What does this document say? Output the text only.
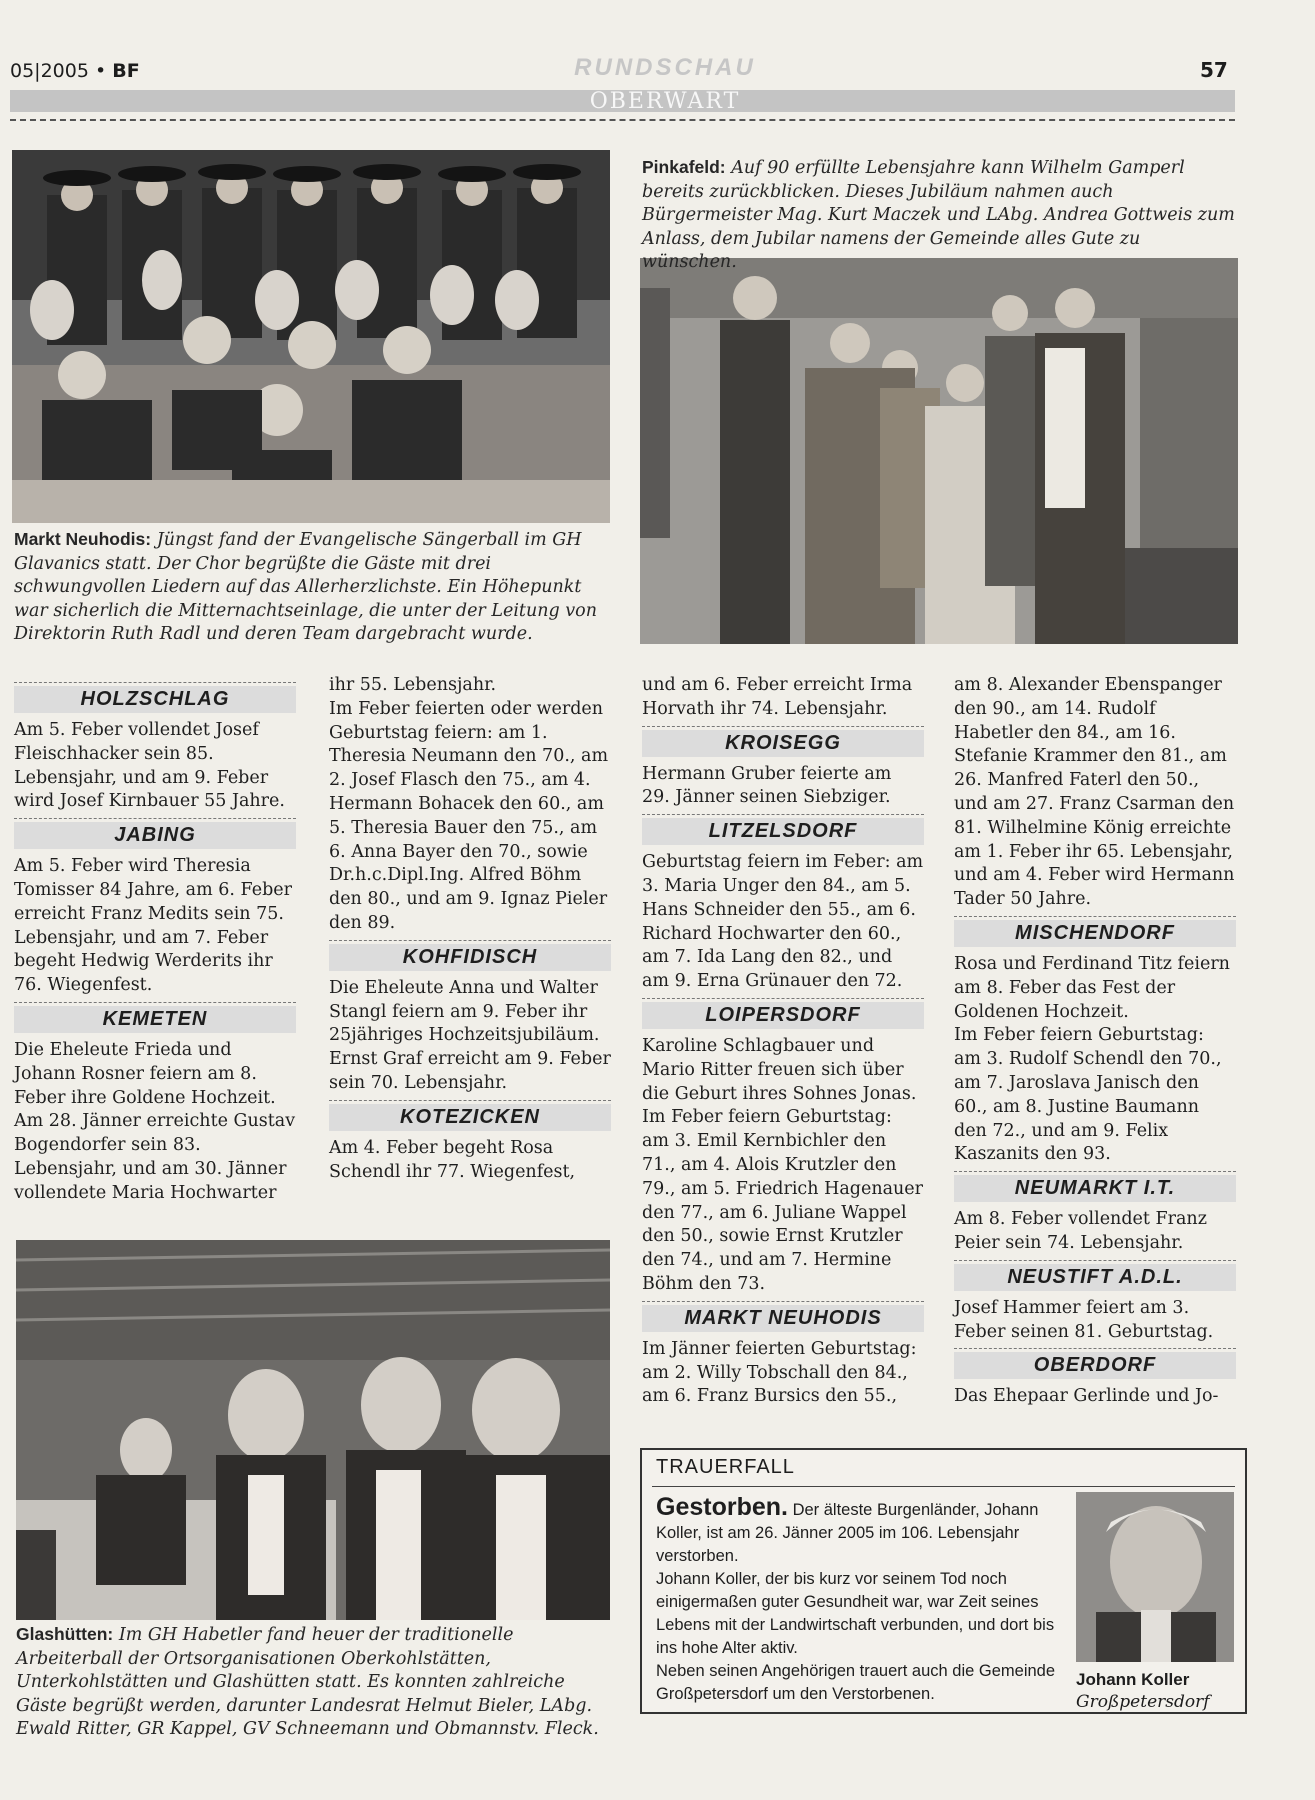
05|2005 • BF	RUNDSCHAU	57
OBERWART
Pinkafeld: Auf 90 erfüllte Lebensjahre kann Wilhelm Gamperl bereits zurückblicken. Dieses Jubiläum nahmen auch Bürgermeister Mag. Kurt Maczek und LAbg. Andrea Gottweis zum Anlass, dem Jubilar namens der Gemeinde alles Gute zu wünschen.
Markt Neuhodis: Jüngst fand der Evangelische Sängerball im GH Glavanics statt. Der Chor begrüßte die Gäste mit drei schwungvollen Liedern auf das Allerherzlichste. Ein Höhepunkt war sicherlich die Mitternachtseinlage, die unter der Leitung von Direktorin Ruth Radl und deren Team dargebracht wurde.
HOLZSCHLAG

Am 5. Feber vollendet Josef Fleischhacker sein 85. Lebensjahr, und am 9. Feber wird Josef Kirnbauer 55 Jahre.

JABING

Am 5. Feber wird Theresia Tomisser 84 Jahre, am 6. Feber erreicht Franz Medits sein 75. Lebensjahr, und am 7. Feber begeht Hedwig Werderits ihr 76. Wiegenfest.

KEMETEN

Die Eheleute Frieda und Johann Rosner feiern am 8. Feber ihre Goldene Hochzeit. Am 28. Jänner erreichte Gustav Bogendorfer sein 83. Lebensjahr, und am 30. Jänner vollendete Maria Hochwarter

ihr 55. Lebensjahr.

Im Feber feierten oder werden Geburtstag feiern: am 1. Theresia Neumann den 70., am 2. Josef Flasch den 75., am 4. Hermann Bohacek den 60., am 5. Theresia Bauer den 75., am 6. Anna Bayer den 70., sowie Dr.h.c.Dipl.Ing. Alfred Böhm den 80., und am 9. Ignaz Pieler den 89.

KOHFIDISCH

Die Eheleute Anna und Walter Stangl feiern am 9. Feber ihr 25jähriges Hochzeitsjubiläum.

Ernst Graf erreicht am 9. Feber sein 70. Lebensjahr.

KOTEZICKEN

Am 4. Feber begeht Rosa Schendl ihr 77. Wiegenfest,

und am 6. Feber erreicht Irma Horvath ihr 74. Lebensjahr.

KROISEGG

Hermann Gruber feierte am 29. Jänner seinen Siebziger.

LITZELSDORF

Geburtstag feiern im Feber: am 3. Maria Unger den 84., am 5. Hans Schneider den 55., am 6. Richard Hochwarter den 60., am 7. Ida Lang den 82., und am 9. Erna Grünauer den 72.

LOIPERSDORF

Karoline Schlagbauer und Mario Ritter freuen sich über die Geburt ihres Sohnes Jonas.

Im Feber feiern Geburtstag: am 3. Emil Kernbichler den 71., am 4. Alois Krutzler den 79., am 5. Friedrich Hagenauer den 77., am 6. Juliane Wappel den 50., sowie Ernst Krutzler den 74., und am 7. Hermine Böhm den 73.

MARKT NEUHODIS

Im Jänner feierten Geburtstag: am 2. Willy Tobschall den 84., am 6. Franz Bursics den 55.,

am 8. Alexander Ebenspanger den 90., am 14. Rudolf Habetler den 84., am 16. Stefanie Krammer den 81., am 26. Manfred Faterl den 50., und am 27. Franz Csarman den 81. Wilhelmine König erreichte am 1. Feber ihr 65. Lebensjahr, und am 4. Feber wird Hermann Tader 50 Jahre.

MISCHENDORF

Rosa und Ferdinand Titz feiern am 8. Feber das Fest der Goldenen Hochzeit.

Im Feber feiern Geburtstag: am 3. Rudolf Schendl den 70., am 7. Jaroslava Janisch den 60., am 8. Justine Baumann den 72., und am 9. Felix Kaszanits den 93.

NEUMARKT I.T.

Am 8. Feber vollendet Franz Peier sein 74. Lebensjahr.

NEUSTIFT A.D.L.

Josef Hammer feiert am 3. Feber seinen 81. Geburtstag.

OBERDORF

Das Ehepaar Gerlinde und Jo-

Glashütten: Im GH Habetler fand heuer der traditionelle Arbeiterball der Ortsorganisationen Oberkohlstätten, Unterkohlstätten und Glashütten statt. Es konnten zahlreiche Gäste begrüßt werden, darunter Landesrat Helmut Bieler, LAbg. Ewald Ritter, GR Kappel, GV Schneemann und Obmannstv. Fleck.
TRAUERFALL
Gestorben. Der älteste Burgenländer, Johann Koller, ist am 26. Jänner 2005 im 106. Lebensjahr verstorben.
Johann Koller, der bis kurz vor seinem Tod noch einigermaßen guter Gesundheit war, war Zeit seines Lebens mit der Landwirtschaft verbunden, und dort bis ins hohe Alter aktiv.
Neben seinen Angehörigen trauert auch die Gemeinde Großpetersdorf um den Verstorbenen.
Johann Koller
Großpetersdorf
